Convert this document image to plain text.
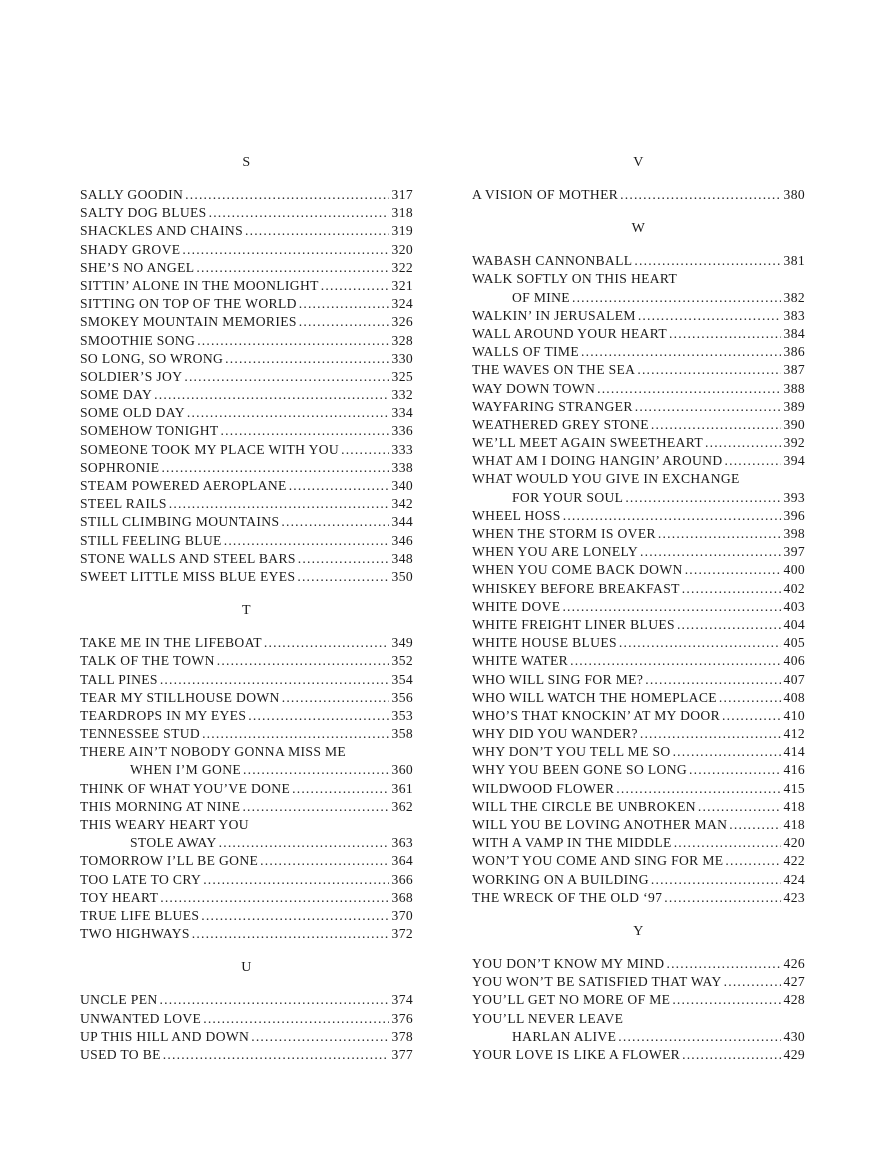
S
SALLY GOODIN .....	317
SALTY DOG BLUES .....	318
SHACKLES AND CHAINS .....	319
SHADY GROVE .....	320
SHE’S NO ANGEL .....	322
SITTIN’ ALONE IN THE MOONLIGHT .....	321
SITTING ON TOP OF THE WORLD .....	324
SMOKEY MOUNTAIN MEMORIES .....	326
SMOOTHIE SONG .....	328
SO LONG, SO WRONG .....	330
SOLDIER’S JOY .....	325
SOME DAY .....	332
SOME OLD DAY .....	334
SOMEHOW TONIGHT .....	336
SOMEONE TOOK MY PLACE WITH YOU .....	333
SOPHRONIE .....	338
STEAM POWERED AEROPLANE .....	340
STEEL RAILS .....	342
STILL CLIMBING MOUNTAINS .....	344
STILL FEELING BLUE .....	346
STONE WALLS AND STEEL BARS .....	348
SWEET LITTLE MISS BLUE EYES .....	350
T
TAKE ME IN THE LIFEBOAT .....	349
TALK OF THE TOWN .....	352
TALL PINES .....	354
TEAR MY STILLHOUSE DOWN .....	356
TEARDROPS IN MY EYES .....	353
TENNESSEE STUD .....	358
THERE AIN’T NOBODY GONNA MISS ME
WHEN I’M GONE .....	360
THINK OF WHAT YOU’VE DONE .....	361
THIS MORNING AT NINE .....	362
THIS WEARY HEART YOU
STOLE AWAY .....	363
TOMORROW I’LL BE GONE .....	364
TOO LATE TO CRY .....	366
TOY HEART .....	368
TRUE LIFE BLUES .....	370
TWO HIGHWAYS .....	372
U
UNCLE PEN .....	374
UNWANTED LOVE .....	376
UP THIS HILL AND DOWN .....	378
USED TO BE .....	377
V
A VISION OF MOTHER .....	380
W
WABASH CANNONBALL .....	381
WALK SOFTLY ON THIS HEART
OF MINE .....	382
WALKIN’ IN JERUSALEM .....	383
WALL AROUND YOUR HEART .....	384
WALLS OF TIME .....	386
THE WAVES ON THE SEA .....	387
WAY DOWN TOWN .....	388
WAYFARING STRANGER .....	389
WEATHERED GREY STONE .....	390
WE’LL MEET AGAIN SWEETHEART .....	392
WHAT AM I DOING HANGIN’ AROUND .....	394
WHAT WOULD YOU GIVE IN EXCHANGE
FOR YOUR SOUL .....	393
WHEEL HOSS .....	396
WHEN THE STORM IS OVER .....	398
WHEN YOU ARE LONELY .....	397
WHEN YOU COME BACK DOWN .....	400
WHISKEY BEFORE BREAKFAST .....	402
WHITE DOVE .....	403
WHITE FREIGHT LINER BLUES .....	404
WHITE HOUSE BLUES .....	405
WHITE WATER .....	406
WHO WILL SING FOR ME? .....	407
WHO WILL WATCH THE HOMEPLACE .....	408
WHO’S THAT KNOCKIN’ AT MY DOOR .....	410
WHY DID YOU WANDER? .....	412
WHY DON’T YOU TELL ME SO .....	414
WHY YOU BEEN GONE SO LONG .....	416
WILDWOOD FLOWER .....	415
WILL THE CIRCLE BE UNBROKEN .....	418
WILL YOU BE LOVING ANOTHER MAN .....	418
WITH A VAMP IN THE MIDDLE .....	420
WON’T YOU COME AND SING FOR ME .....	422
WORKING ON A BUILDING .....	424
THE WRECK OF THE OLD ‘97 .....	423
Y
YOU DON’T KNOW MY MIND .....	426
YOU WON’T BE SATISFIED THAT WAY .....	427
YOU’LL GET NO MORE OF ME .....	428
YOU’LL NEVER LEAVE
HARLAN ALIVE .....	430
YOUR LOVE IS LIKE A FLOWER .....	429
